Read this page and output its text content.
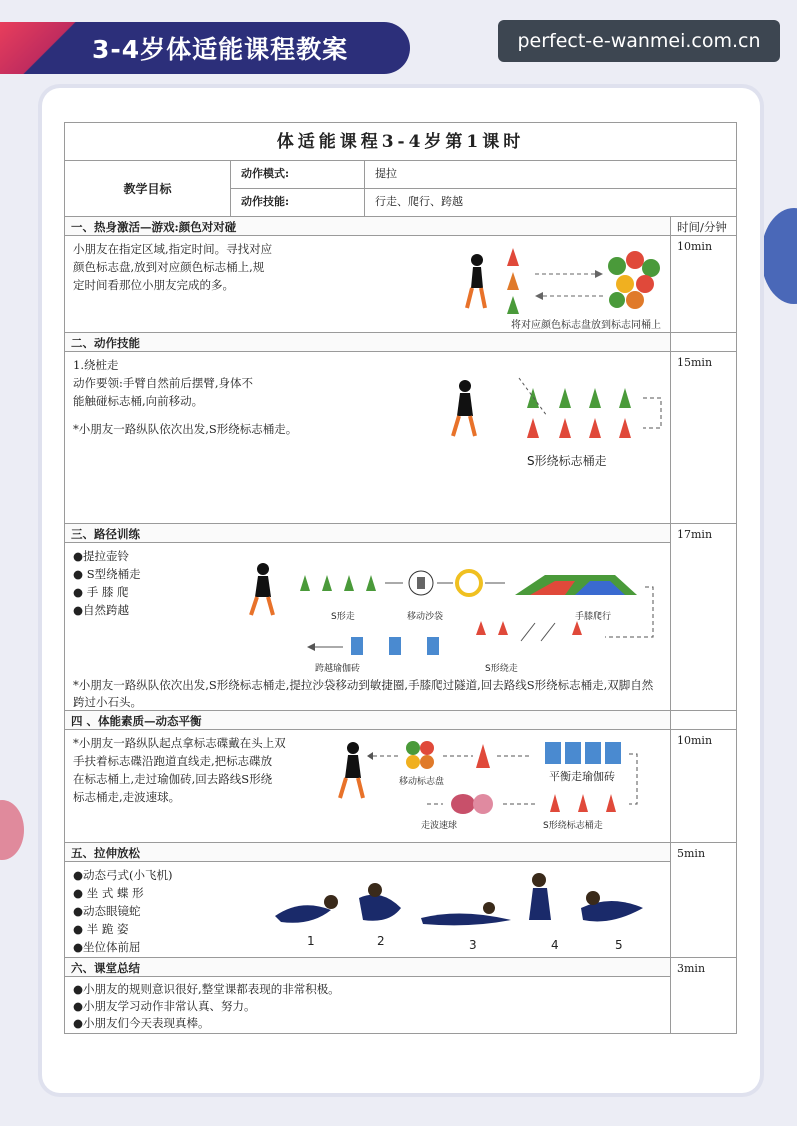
3-4岁体适能课程教案	perfect-e-wanmei.com.cn
体适能课程3-4岁第1课时
教学目标
动作模式:	提拉
动作技能:	行走、爬行、跨越
一、热身激活—游戏:颜色对对碰	时间/分钟

小朋友在指定区域,指定时间。寻找对应

颜色标志盘,放到对应颜色标志桶上,规

定时间看那位小朋友完成的多。

将对应颜色标志盘放到标志同桶上
10min
二、动作技能

1.绕桩走

动作要领:手臂自然前后摆臂,身体不

能触碰标志桶,向前移动。

*小朋友一路纵队依次出发,S形绕标志桶走。

S形绕标志桶走
15min
三、路径训练

●提拉壶铃

● S型绕桶走

● 手 膝 爬

●自然跨越	S形走	移动沙袋	手膝爬行
跨越瑜伽砖	S形绕走
*小朋友一路纵队依次出发,S形绕标志桶走,提拉沙袋移动到敏捷圈,手膝爬过隧道,回去路线S形绕标志桶走,双脚自然跨过小石头。
17min
四 、体能素质—动态平衡

*小朋友一路纵队起点拿标志碟戴在头上双

手扶着标志碟沿跑道直线走,把标志碟放

在标志桶上,走过瑜伽砖,回去路线S形绕

标志桶走,走波速球。

移动标志盘	平衡走瑜伽砖
走波速球	S形绕标志桶走
10min
五、拉伸放松

●动态弓式(小飞机)

● 坐 式 蝶 形

●动态眼镜蛇

● 半 跪 姿

●坐位体前屈	1	2	3	4	5
5min
六、课堂总结

●小朋友的规则意识很好,整堂课都表现的非常积极。

●小朋友学习动作非常认真、努力。

●小朋友们今天表现真棒。

3min
